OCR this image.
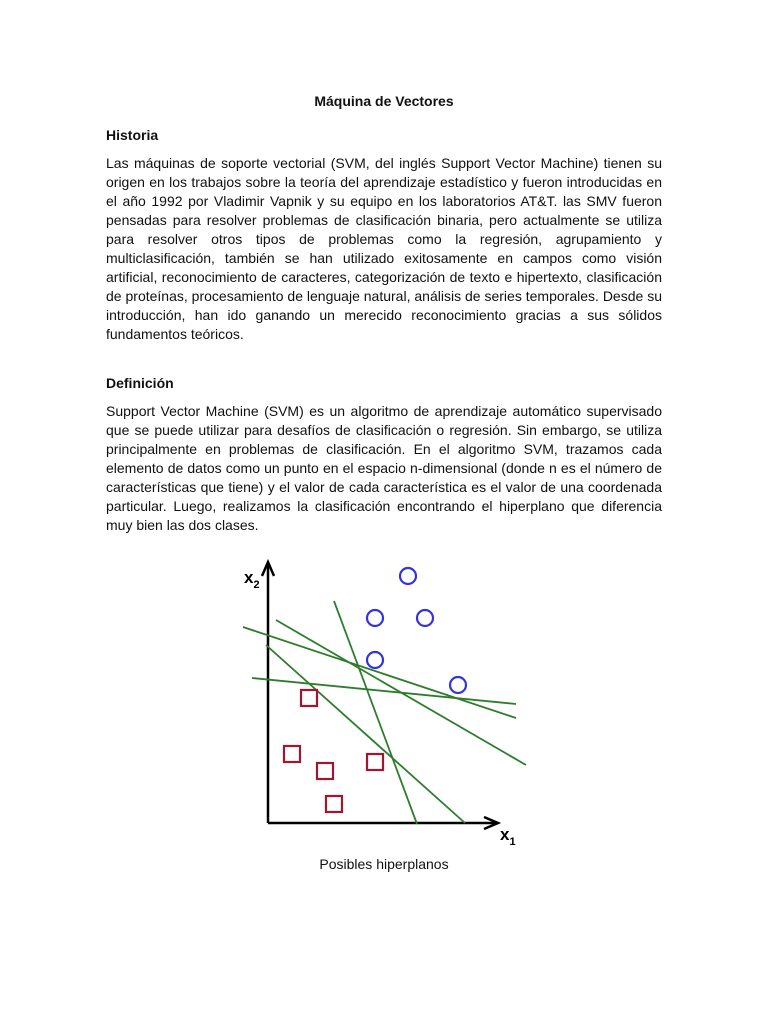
Máquina de Vectores
Historia

Las máquinas de soporte vectorial (SVM, del inglés Support Vector Machine) tienen su origen en los trabajos sobre la teoría del aprendizaje estadístico y fueron introducidas en el año 1992 por Vladimir Vapnik y su equipo en los laboratorios AT&T. las SMV fueron pensadas para resolver problemas de clasificación binaria, pero actualmente se utiliza para resolver otros tipos de problemas como la regresión, agrupamiento y multiclasificación, también se han utilizado exitosamente en campos como visión artificial, reconocimiento de caracteres, categorización de texto e hipertexto, clasificación de proteínas, procesamiento de lenguaje natural, análisis de series temporales. Desde su introducción, han ido ganando un merecido reconocimiento gracias a sus sólidos fundamentos teóricos.

Definición

Support Vector Machine (SVM) es un algoritmo de aprendizaje automático supervisado que se puede utilizar para desafíos de clasificación o regresión. Sin embargo, se utiliza principalmente en problemas de clasificación. En el algoritmo SVM, trazamos cada elemento de datos como un punto en el espacio n-dimensional (donde n es el número de características que tiene) y el valor de cada característica es el valor de una coordenada particular. Luego, realizamos la clasificación encontrando el hiperplano que diferencia muy bien las dos clases.

$x_2$
$x_1$
Posibles hiperplanos
